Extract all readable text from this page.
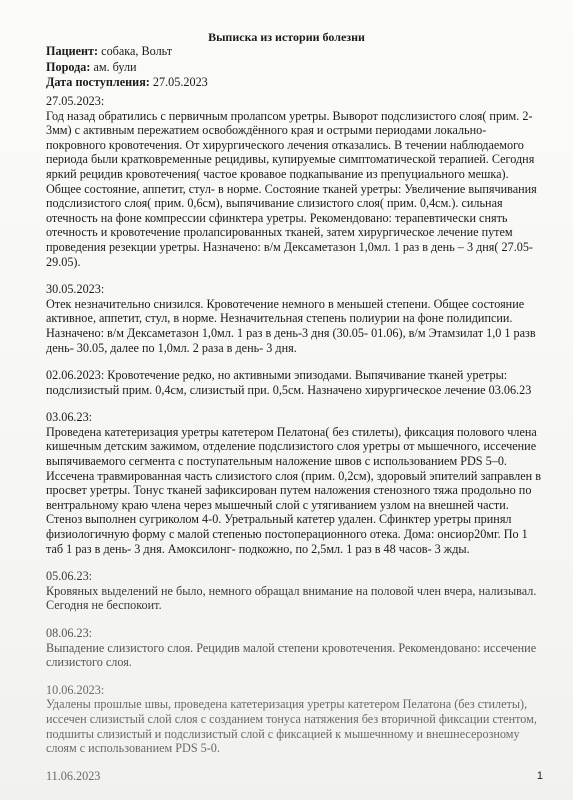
Выписка из истории болезни
Пациент: собака, Вольт
Порода: ам. були
Дата поступления: 27.05.2023

27.05.2023:

Год назад обратились с первичным пролапсом уретры. Выворот подслизистого слоя( прим. 2-3мм) с активным пережатием освобождённого края и острыми периодами локально- покровного кровотечения. От хирургического лечения отказались. В течении наблюдаемого периода были кратковременные рецидивы, купируемые симптоматической терапией. Сегодня яркий рецидив кровотечения( частое кровавое подкапывание из препуциального мешка). Общее состояние, аппетит, стул- в норме. Состояние тканей уретры: Увеличение выпячивания подслизистого слоя( прим. 0,6см), выпячивание слизистого слоя( прим. 0,4см.). сильная отечность на фоне компрессии сфинктера уретры. Рекомендовано: терапевтически снять отечность и кровотечение пролапсированных тканей, затем хирургическое лечение путем проведения резекции уретры. Назначено: в/м Дексаметазон 1,0мл. 1 раз в день – 3 дня( 27.05-29.05).

30.05.2023:

Отек незначительно снизился. Кровотечение немного в меньшей степени. Общее состояние активное, аппетит, стул, в норме. Незначительная степень полиурии на фоне полидипсии. Назначено: в/м Дексаметазон 1,0мл. 1 раз в день-3 дня (30.05- 01.06), в/м Этамзилат 1,0 1 разв день- 30.05, далее по 1,0мл. 2 раза в день- 3 дня.

02.06.2023: Кровотечение редко, но активными эпизодами. Выпячивание тканей уретры: подслизистый прим. 0,4см, слизистый при. 0,5см. Назначено хирургическое лечение 03.06.23

03.06.23:

Проведена катетеризация уретры катетером Пелатона( без стилеты), фиксация полового члена кишечным детским зажимом, отделение подслизистого слоя уретры от мышечного, иссечение выпячиваемого сегмента с поступательным наложение швов с использованием PDS 5–0. Иссечена травмированная часть слизистого слоя (прим. 0,2см), здоровый эпителий заправлен в просвет уретры. Тонус тканей зафиксирован путем наложения стенозного тяжа продольно по вентральному краю члена через мышечный слой с утягиванием узлом на внешней части. Стеноз выполнен сугриколом 4-0. Уретральный катетер удален. Сфинктер уретры принял физиологичную форму с малой степенью постоперационного отека. Дома: онсиор20мг. По 1 таб 1 раз в день- 3 дня. Амоксилонг- подкожно, по 2,5мл. 1 раз в 48 часов- 3 жды.

05.06.23:

Кровяных выделений не было, немного обращал внимание на половой член вчера, нализывал. Сегодня не беспокоит.

08.06.23:

Выпадение слизистого слоя. Рецидив малой степени кровотечения. Рекомендовано: иссечение слизистого слоя.

10.06.2023:

Удалены прошлые швы, проведена катетеризация уретры катетером Пелатона (без стилеты), иссечен слизистый слой слоя с созданием тонуса натяжения без вторичной фиксации стентом, подшиты слизистый и подслизистый слой с фиксацией к мышечнному и внешнесерозному слоям с использованием PDS 5-0.

11.06.2023	1
